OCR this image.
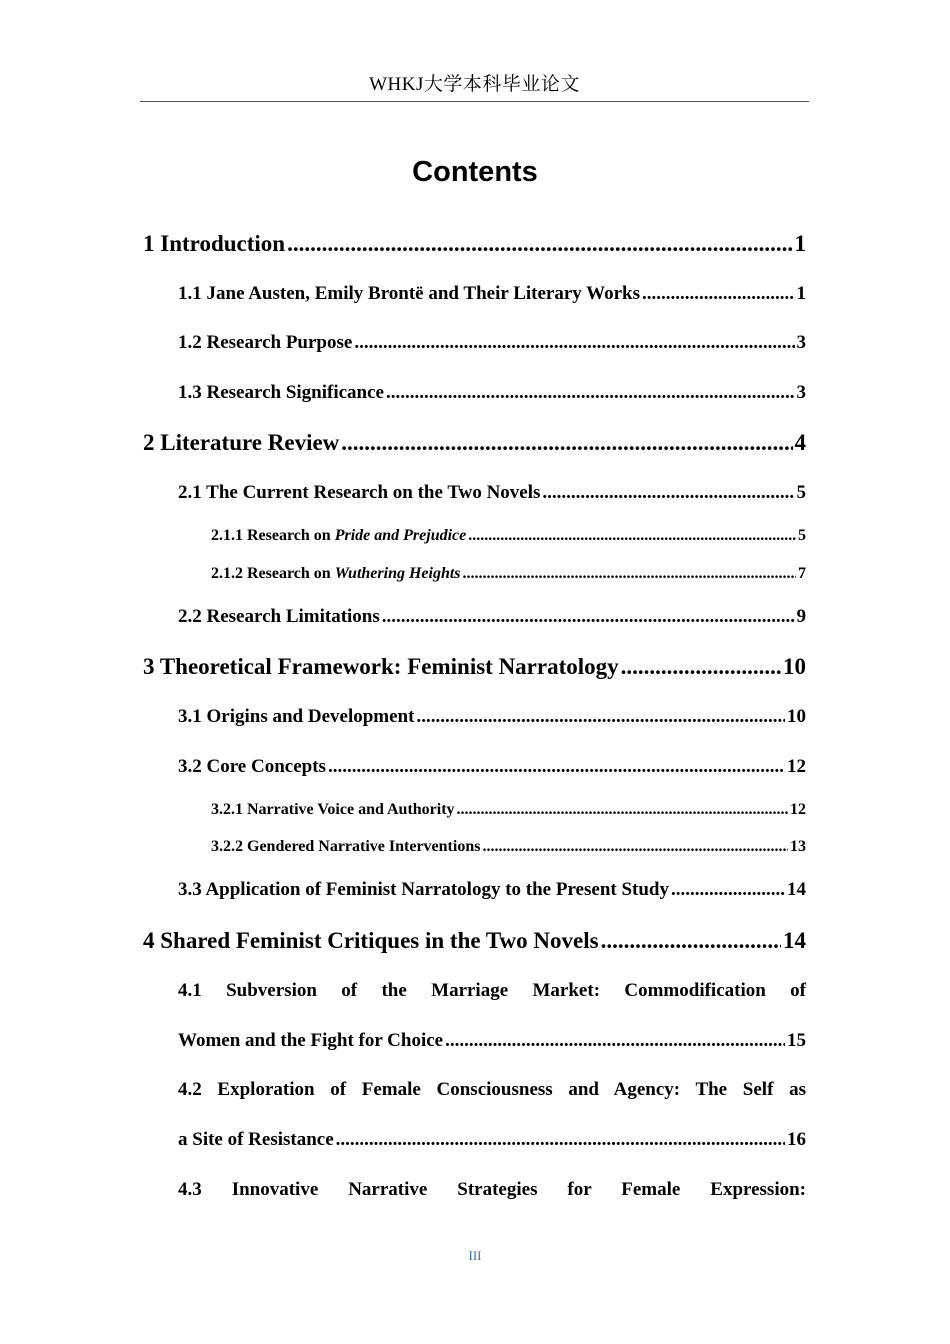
WHKJ大学本科毕业论文
Contents
1 Introduction .....	1
1.1 Jane Austen, Emily Brontë and Their Literary Works .....	1
1.2 Research Purpose .....	3
1.3 Research Significance .....	3
2 Literature Review .....	4
2.1 The Current Research on the Two Novels .....	5
2.1.1 Research on Pride and Prejudice .....	5
2.1.2 Research on Wuthering Heights .....	7
2.2 Research Limitations .....	9
3 Theoretical Framework: Feminist Narratology .....	10
3.1 Origins and Development .....	10
3.2 Core Concepts .....	12
3.2.1 Narrative Voice and Authority .....	12
3.2.2 Gendered Narrative Interventions .....	13
3.3 Application of Feminist Narratology to the Present Study .....	14
4 Shared Feminist Critiques in the Two Novels .....	14
4.1 Subversion of the Marriage Market: Commodification of
Women and the Fight for Choice .....	15
4.2 Exploration of Female Consciousness and Agency: The Self as
a Site of Resistance .....	16
4.3 Innovative Narrative Strategies for Female Expression:
III
